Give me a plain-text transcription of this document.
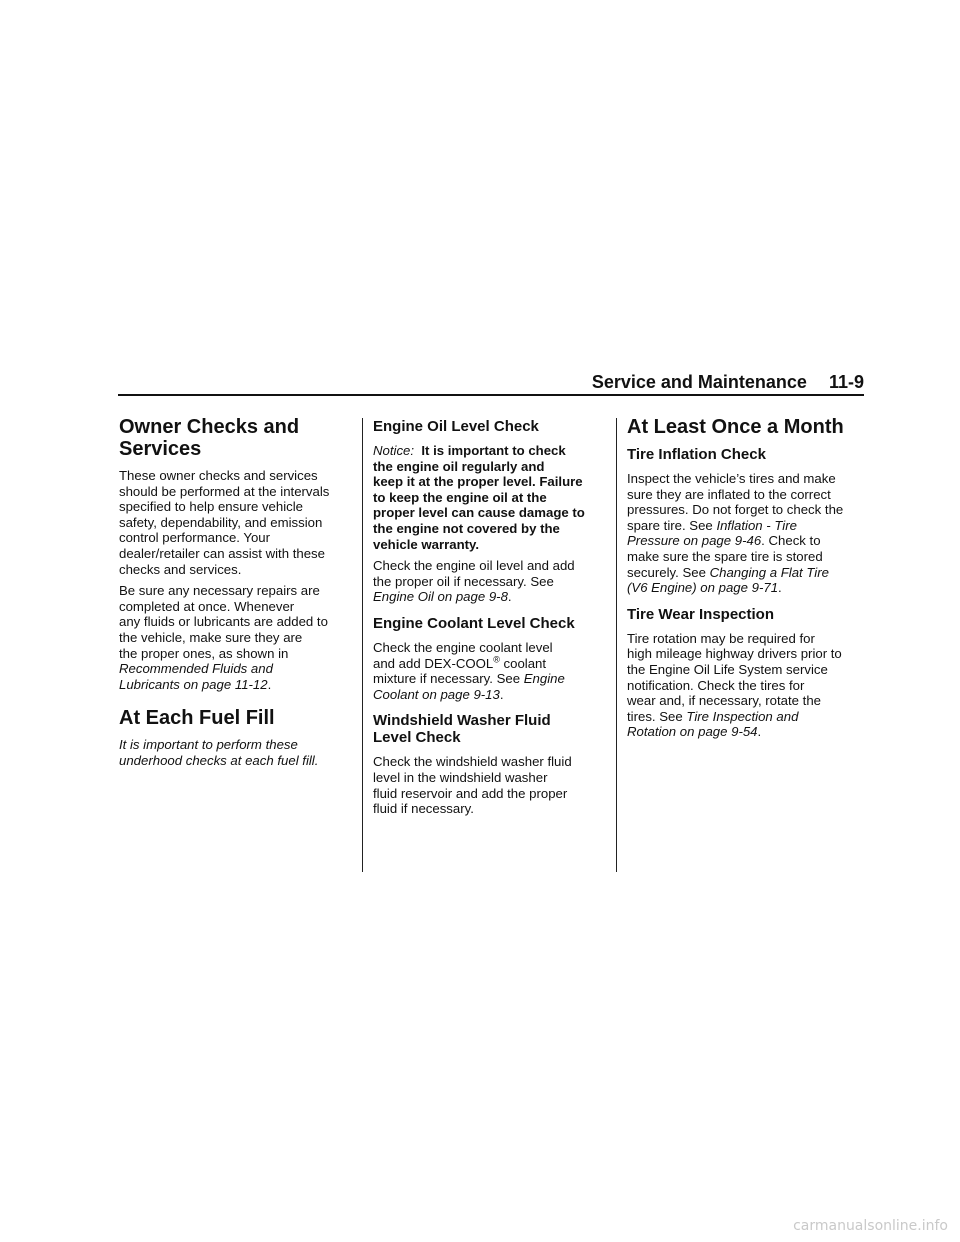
Service and Maintenance 11-9
Owner Checks and
Services

These owner checks and services
should be performed at the intervals
specified to help ensure vehicle
safety, dependability, and emission
control performance. Your
dealer/retailer can assist with these
checks and services.

Be sure any necessary repairs are
completed at once. Whenever
any fluids or lubricants are added to
the vehicle, make sure they are
the proper ones, as shown in
Recommended Fluids and
Lubricants on page 11-12.

At Each Fuel Fill

It is important to perform these
underhood checks at each fuel fill.

Engine Oil Level Check

Notice: It is important to check
the engine oil regularly and
keep it at the proper level. Failure
to keep the engine oil at the
proper level can cause damage to
the engine not covered by the
vehicle warranty.

Check the engine oil level and add
the proper oil if necessary. See
Engine Oil on page 9-8.

Engine Coolant Level Check

Check the engine coolant level
and add DEX-COOL® coolant
mixture if necessary. See Engine
Coolant on page 9-13.

Windshield Washer Fluid
Level Check

Check the windshield washer fluid
level in the windshield washer
fluid reservoir and add the proper
fluid if necessary.

At Least Once a Month
Tire Inflation Check

Inspect the vehicle’s tires and make
sure they are inflated to the correct
pressures. Do not forget to check the
spare tire. See Inflation - Tire
Pressure on page 9-46. Check to
make sure the spare tire is stored
securely. See Changing a Flat Tire
(V6 Engine) on page 9-71.

Tire Wear Inspection

Tire rotation may be required for
high mileage highway drivers prior to
the Engine Oil Life System service
notification. Check the tires for
wear and, if necessary, rotate the
tires. See Tire Inspection and
Rotation on page 9-54.

carmanualsonline.info
